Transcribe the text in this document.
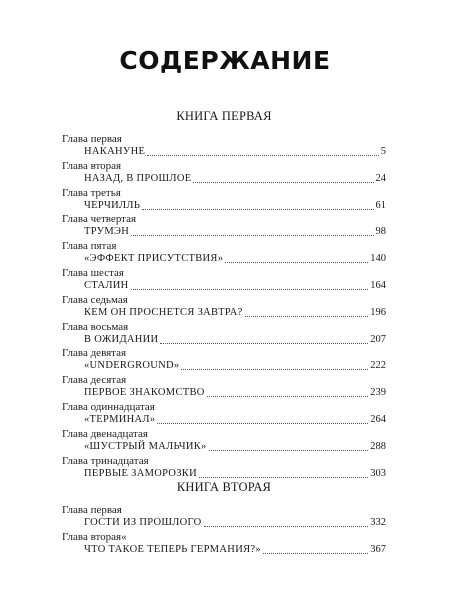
СОДЕРЖАНИЕ
КНИГА ПЕРВАЯ
Глава первая
НАКАНУНЕ	5
Глава вторая
НАЗАД, В ПРОШЛОЕ	24
Глава третья
ЧЕРЧИЛЛЬ	61
Глава четвертая
ТРУМЭН	98
Глава пятая
«ЭФФЕКТ ПРИСУТСТВИЯ»	140
Глава шестая
СТАЛИН	164
Глава седьмая
КЕМ ОН ПРОСНЕТСЯ ЗАВТРА?	196
Глава восьмая
В ОЖИДАНИИ	207
Глава девятая
«UNDERGROUND»	222
Глава десятая
ПЕРВОЕ ЗНАКОМСТВО	239
Глава одиннадцатая
«ТЕРМИНАЛ»	264
Глава двенадцатая
«ШУСТРЫЙ МАЛЬЧИК»	288
Глава тринадцатая
ПЕРВЫЕ ЗАМОРОЗКИ	303
КНИГА ВТОРАЯ
Глава первая
ГОСТИ ИЗ ПРОШЛОГО	332
Глава вторая«
ЧТО ТАКОЕ ТЕПЕРЬ ГЕРМАНИЯ?»	367
